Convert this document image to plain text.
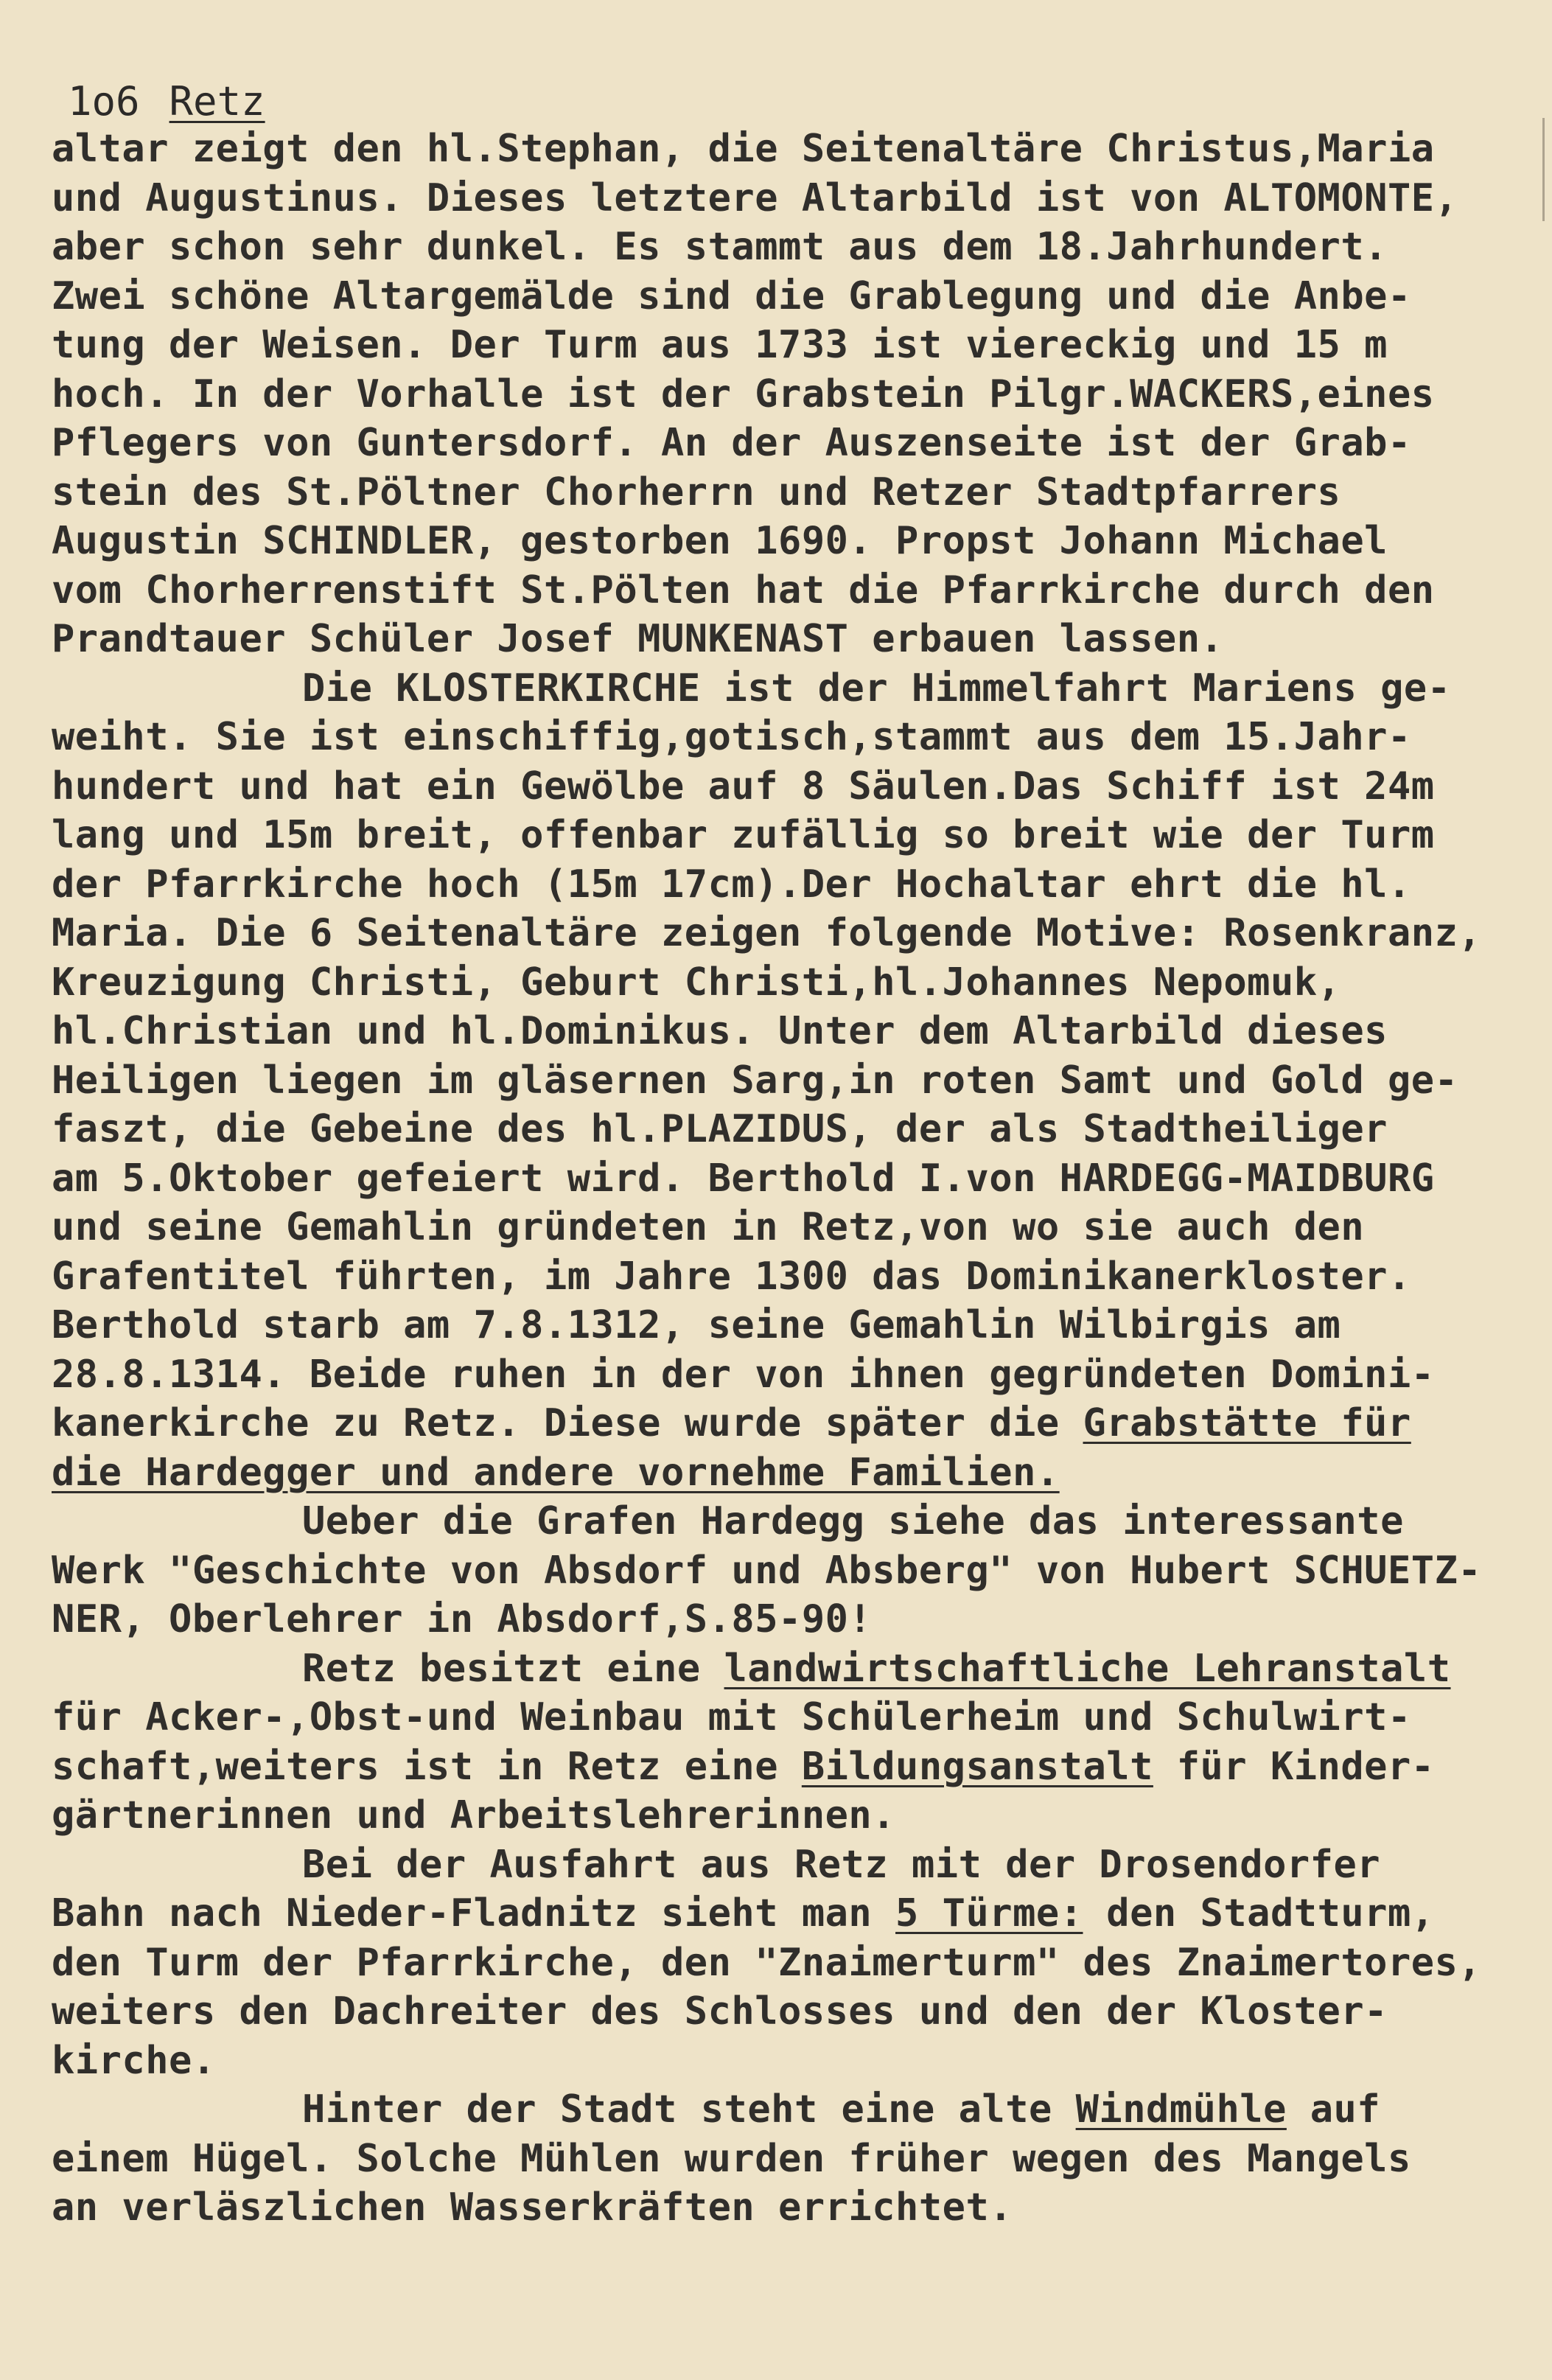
1o6 Retz
altar zeigt den hl.Stephan, die Seitenaltäre Christus,Maria
und Augustinus. Dieses letztere Altarbild ist von ALTOMONTE,
aber schon sehr dunkel. Es stammt aus dem 18.Jahrhundert.
Zwei schöne Altargemälde sind die Grablegung und die Anbe-
tung der Weisen. Der Turm aus 1733 ist viereckig und 15 m
hoch. In der Vorhalle ist der Grabstein Pilgr.WACKERS,eines
Pflegers von Guntersdorf. An der Auszenseite ist der Grab-
stein des St.Pöltner Chorherrn und Retzer Stadtpfarrers
Augustin SCHINDLER, gestorben 1690. Propst Johann Michael
vom Chorherrenstift St.Pölten hat die Pfarrkirche durch den
Prandtauer Schüler Josef MUNKENAST erbauen lassen.
Die KLOSTERKIRCHE ist der Himmelfahrt Mariens ge-
weiht. Sie ist einschiffig,gotisch,stammt aus dem 15.Jahr-
hundert und hat ein Gewölbe auf 8 Säulen.Das Schiff ist 24m
lang und 15m breit, offenbar zufällig so breit wie der Turm
der Pfarrkirche hoch (15m 17cm).Der Hochaltar ehrt die hl.
Maria. Die 6 Seitenaltäre zeigen folgende Motive: Rosenkranz,
Kreuzigung Christi, Geburt Christi,hl.Johannes Nepomuk,
hl.Christian und hl.Dominikus. Unter dem Altarbild dieses
Heiligen liegen im gläsernen Sarg,in roten Samt und Gold ge-
faszt, die Gebeine des hl.PLAZIDUS, der als Stadtheiliger
am 5.Oktober gefeiert wird. Berthold I.von HARDEGG-MAIDBURG
und seine Gemahlin gründeten in Retz,von wo sie auch den
Grafentitel führten, im Jahre 1300 das Dominikanerkloster.
Berthold starb am 7.8.1312, seine Gemahlin Wilbirgis am
28.8.1314. Beide ruhen in der von ihnen gegründeten Domini-
kanerkirche zu Retz. Diese wurde später die Grabstätte für
die Hardegger und andere vornehme Familien.
Ueber die Grafen Hardegg siehe das interessante
Werk "Geschichte von Absdorf und Absberg" von Hubert SCHUETZ-
NER, Oberlehrer in Absdorf,S.85-90!
Retz besitzt eine landwirtschaftliche Lehranstalt
für Acker-,Obst-und Weinbau mit Schülerheim und Schulwirt-
schaft,weiters ist in Retz eine Bildungsanstalt für Kinder-
gärtnerinnen und Arbeitslehrerinnen.
Bei der Ausfahrt aus Retz mit der Drosendorfer
Bahn nach Nieder-Fladnitz sieht man 5 Türme: den Stadtturm,
den Turm der Pfarrkirche, den "Znaimerturm" des Znaimertores,
weiters den Dachreiter des Schlosses und den der Kloster-
kirche.
Hinter der Stadt steht eine alte Windmühle auf
einem Hügel. Solche Mühlen wurden früher wegen des Mangels
an verläszlichen Wasserkräften errichtet.
